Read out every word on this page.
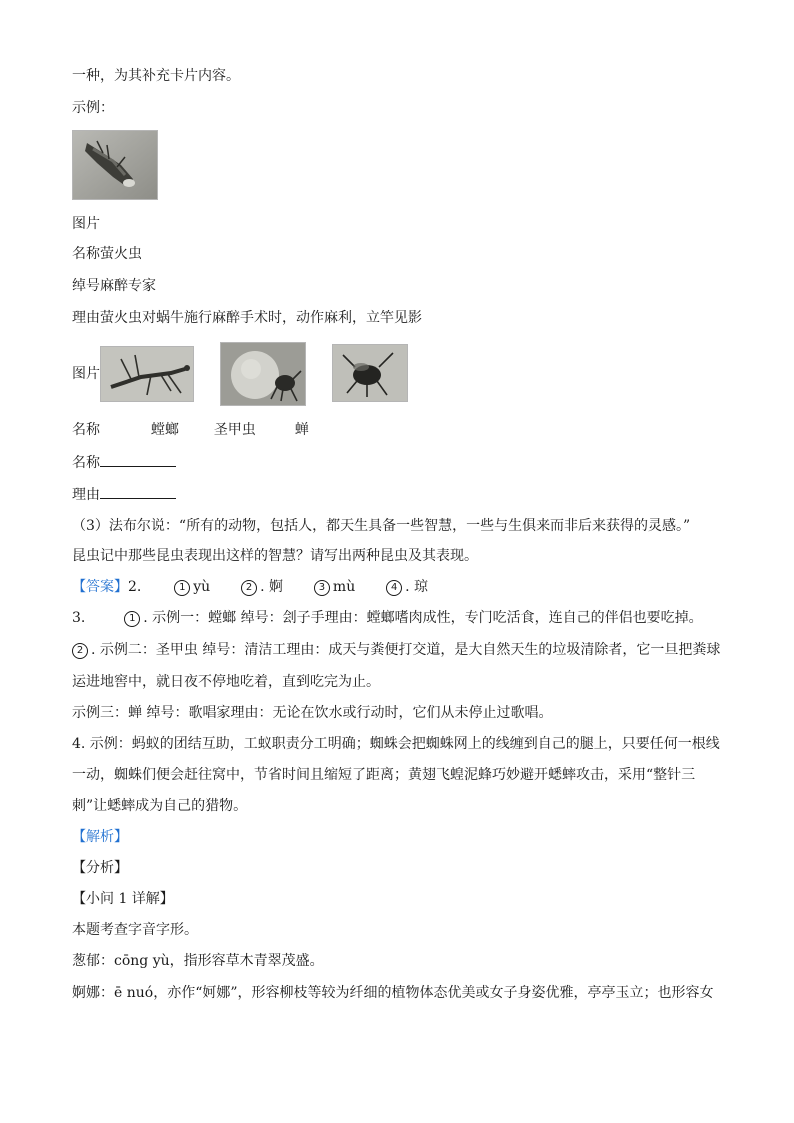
一种，为其补充卡片内容。
示例：
图片
名称萤火虫
绰号麻醉专家
理由萤火虫对蜗牛施行麻醉手术时，动作麻利，立竿见影
图片
名称	螳螂 圣甲虫	蝉
名称
理由
（3）法布尔说：“所有的动物，包括人，都天生具备一些智慧，一些与生俱来而非后来获得的灵感。”
昆虫记中那些昆虫表现出这样的智慧？请写出两种昆虫及其表现。
【答案】2.	1 yù	2 . 婀	3 mù	4 . 琼
3.	1 . 示例一：螳螂 绰号：刽子手理由：螳螂嗜肉成性，专门吃活食，连自己的伴侣也要吃掉。
2 . 示例二：圣甲虫 绰号：清洁工理由：成天与粪便打交道，是大自然天生的垃圾清除者，它一旦把粪球
运进地窖中，就日夜不停地吃着，直到吃完为止。
示例三：蝉 绰号：歌唱家理由：无论在饮水或行动时，它们从未停止过歌唱。
4. 示例：蚂蚁的团结互助，工蚁职责分工明确；蜘蛛会把蜘蛛网上的线缠到自己的腿上，只要任何一根线
一动，蜘蛛们便会赶往窝中，节省时间且缩短了距离；黄翅飞蝗泥蜂巧妙避开蟋蟀攻击，采用“整针三
刺”让蟋蟀成为自己的猎物。
【解析】
【分析】
【小问 1 详解】
本题考查字音字形。
葱郁：cōng yù，指形容草木青翠茂盛。
婀娜：ē nuó，亦作“妸娜”，形容柳枝等较为纤细的植物体态优美或女子身姿优雅，亭亭玉立；也形容女
